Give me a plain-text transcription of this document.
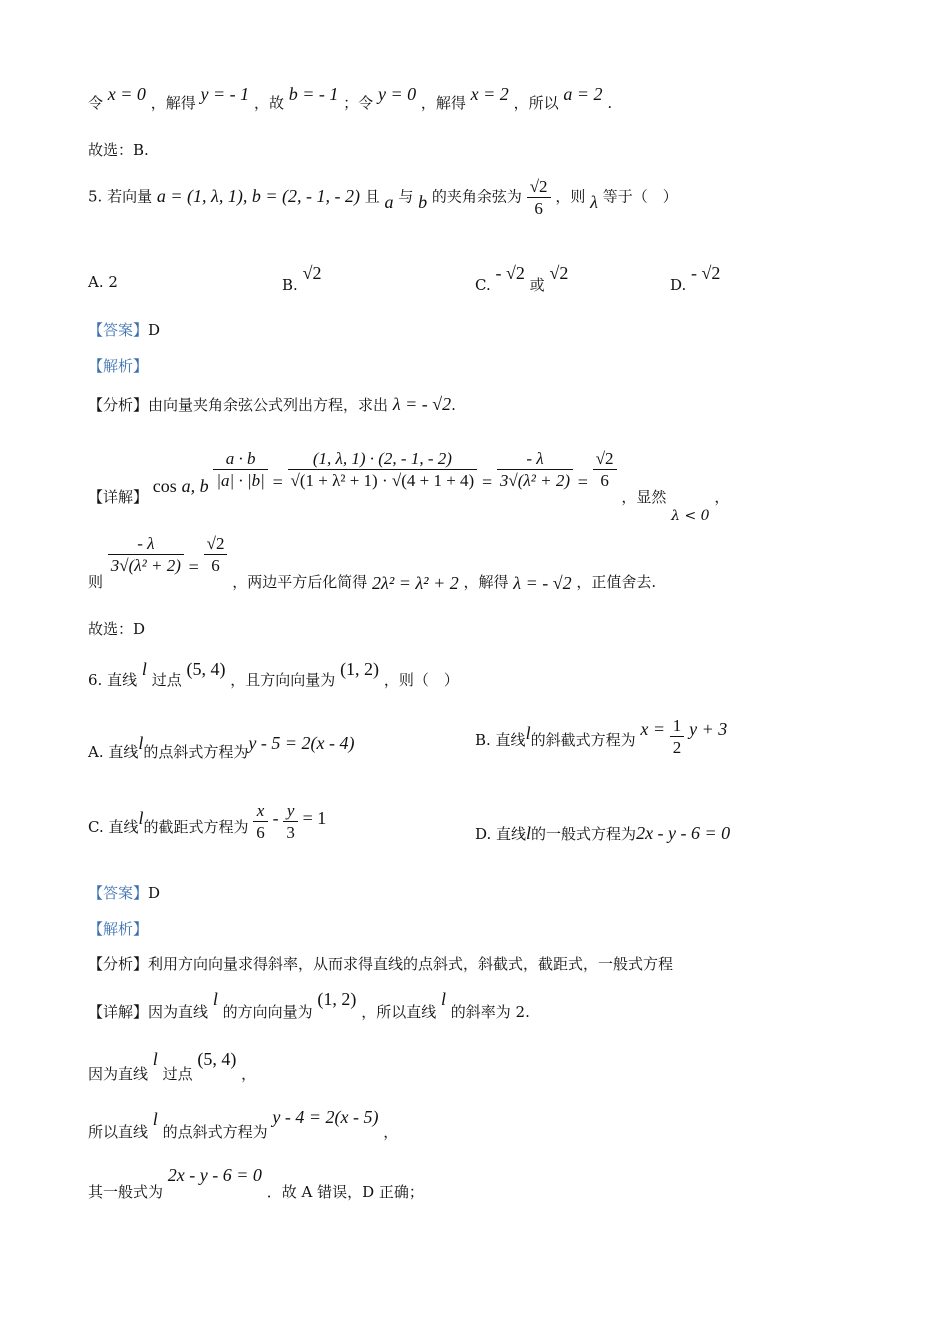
令 x = 0 ，解得 y = - 1 ，故 b = - 1 ；令 y = 0 ，解得 x = 2 ，所以 a = 2 .
故选：B.
5. 若向量 a = (1, λ, 1), b = (2, - 1, - 2) 且 a 与 b 的夹角余弦为 $\frac{√2}{6}$ ，则 λ 等于（　）
A. 2	B. √2
C. - √2 或 √2
D. - √2
【答案】D
【解析】
【分析】由向量夹角余弦公式列出方程，求出 λ = - √2.
【详解】 cos a, b $\frac{a \cdot b}{|a| \cdot |b|} = \frac{(1, \lambda, 1) \cdot (2, - 1, - 2)}{\text{√(1 + λ² + 1) · √(4 + 1 + 4)}} = \frac{- \lambda}{\text{3√(λ² + 2)}} = \frac{√2}{6}$
，显然 λ < 0 ，
则
$\frac{- \lambda}{\text{3√(λ² + 2)}} = \frac{√2}{6}$
，两边平方后化简得 2λ² = λ² + 2 ，解得 λ = - √2 ，正值舍去.
故选：D
6. 直线 l 过点 (5, 4) ，且方向向量为 (1, 2) ，则（　）
A. 直线l的点斜式方程为y - 5 = 2(x - 4)	B. 直线l的斜截式方程为 $x = \frac{1}{2}$ y + 3
C. 直线l的截距式方程为 $\frac{x}{6} - \frac{y}{3} = 1$
D. 直线l的一般式方程为2x - y - 6 = 0
【答案】D
【解析】
【分析】利用方向向量求得斜率，从而求得直线的点斜式，斜截式，截距式，一般式方程
【详解】因为直线 l 的方向向量为 (1, 2) ，所以直线 l 的斜率为 2.
因为直线 l 过点 (5, 4) ，
所以直线 l 的点斜式方程为 y - 4 = 2(x - 5) ，
其一般式为 2x - y - 6 = 0 ．故 A 错误，D 正确；
